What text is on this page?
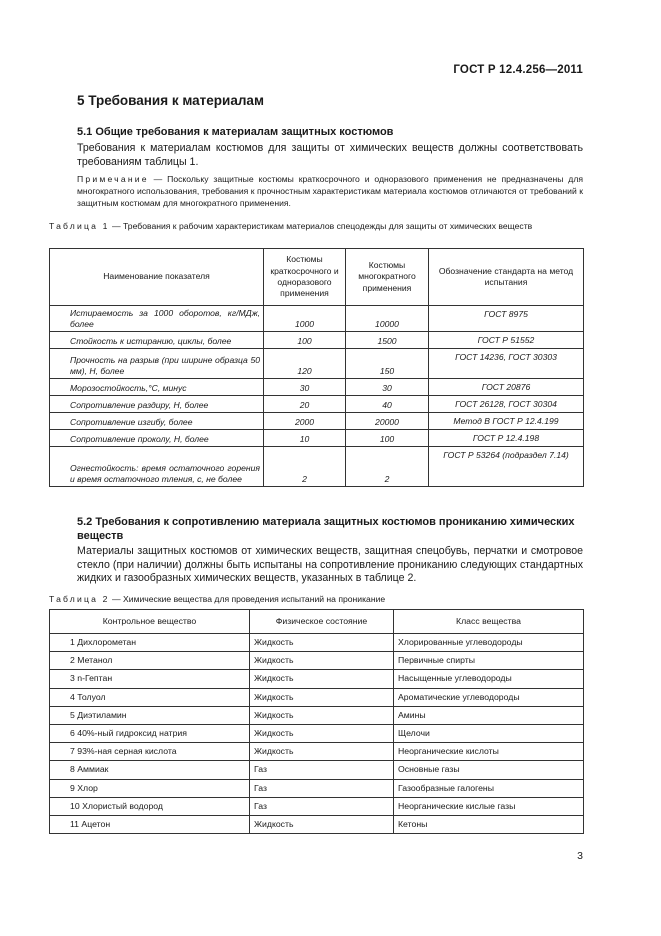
ГОСТ Р 12.4.256—2011
5 Требования к материалам
5.1 Общие требования к материалам защитных костюмов
Требования к материалам костюмов для защиты от химических веществ должны соответствовать требованиям таблицы 1.
Примечание — Поскольку защитные костюмы краткосрочного и одноразового применения не предназначены для многократного использования, требования к прочностным характеристикам материала костюмов отличаются от требований к защитным костюмам для многократного применения.
Таблица 1 — Требования к рабочим характеристикам материалов спецодежды для защиты от химических веществ
Наименование показателя	Костюмы краткосрочного и одноразового применения	Костюмы многократного применения	Обозначение стандарта на метод испытания
Истираемость за 1000 оборотов, кг/МДж, более	1000	10000	ГОСТ 8975
Стойкость к истиранию, циклы, более	100	1500	ГОСТ Р 51552
Прочность на разрыв (при ширине образца 50 мм), Н, более	120	150	ГОСТ 14236, ГОСТ 30303
Морозостойкость,°С, минус	30	30	ГОСТ 20876
Сопротивление раздиру, Н, более	20	40	ГОСТ 26128, ГОСТ 30304
Сопротивление изгибу, более	2000	20000	Метод В ГОСТ Р 12.4.199
Сопротивление проколу, Н, более	10	100	ГОСТ Р 12.4.198
Огнестойкость: время остаточного горения и время остаточного тления, с, не более	2	2	ГОСТ Р 53264 (подраздел 7.14)
5.2 Требования к сопротивлению материала защитных костюмов прониканию химических веществ
Материалы защитных костюмов от химических веществ, защитная спецобувь, перчатки и смотровое стекло (при наличии) должны быть испытаны на сопротивление прониканию следующих стандартных жидких и газообразных химических веществ, указанных в таблице 2.
Таблица 2 — Химические вещества для проведения испытаний на проникание
Контрольное вещество	Физическое состояние	Класс вещества
1 Дихлорометан	Жидкость	Хлорированные углеводороды
2 Метанол	Жидкость	Первичные спирты
3 n-Гептан	Жидкость	Насыщенные углеводороды
4 Толуол	Жидкость	Ароматические углеводороды
5 Диэтиламин	Жидкость	Амины
6 40%-ный гидроксид натрия	Жидкость	Щелочи
7 93%-ная серная кислота	Жидкость	Неорганические кислоты
8 Аммиак	Газ	Основные газы
9 Хлор	Газ	Газообразные галогены
10 Хлористый водород	Газ	Неорганические кислые газы
11 Ацетон	Жидкость	Кетоны
3
